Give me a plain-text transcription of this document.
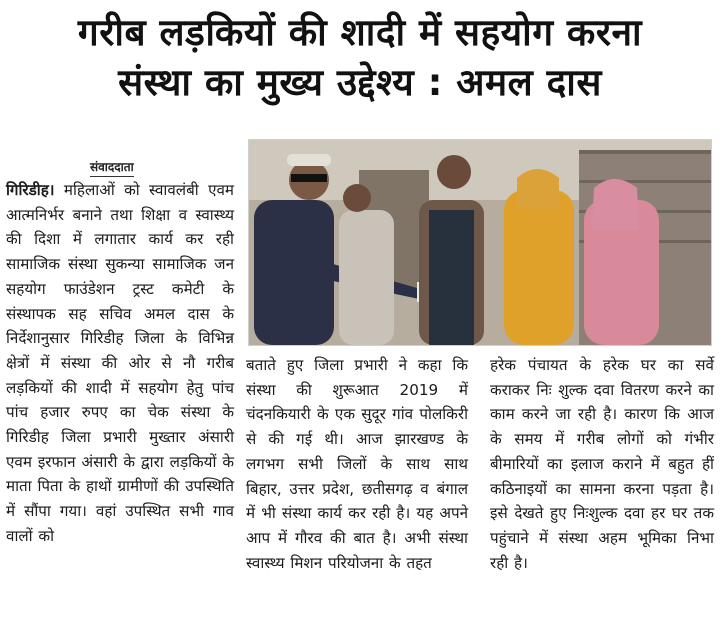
गरीब लड़कियों की शादी में सहयोग करना
संस्था का मुख्य उद्देश्य : अमल दास
संवाददाता
गिरिडीह। महिलाओं को स्वावलंबी एवम आत्मनिर्भर बनाने तथा शिक्षा व स्वास्थ्य की दिशा में लगातार कार्य कर रही सामाजिक संस्था सुकन्या सामाजिक जन सहयोग फाउंडेशन ट्रस्ट कमेटी के संस्थापक सह सचिव अमल दास के निर्देशानुसार गिरिडीह जिला के विभिन्न क्षेत्रों में संस्था की ओर से नौ गरीब लड़कियों की शादी में सहयोग हेतु पांच पांच हजार रुपए का चेक संस्था के गिरिडीह जिला प्रभारी मुख्तार अंसारी एवम इरफान अंसारी के द्वारा लड़कियों के माता पिता के हाथों ग्रामीणों की उपस्थिति में सौंपा गया। वहां उपस्थित सभी गाव वालों को
बताते हुए जिला प्रभारी ने कहा कि संस्था की शुरूआत 2019 में चंदनकियारी के एक सुदूर गांव पोलकिरी से की गई थी। आज झारखण्ड के लगभग सभी जिलों के साथ साथ बिहार, उत्तर प्रदेश, छतीसगढ़ व बंगाल में भी संस्था कार्य कर रही है। यह अपने आप में गौरव की बात है। अभी संस्था स्वास्थ्य मिशन परियोजना के तहत
हरेक पंचायत के हरेक घर का सर्वे कराकर निः शुल्क दवा वितरण करने का काम करने जा रही है। कारण कि आज के समय में गरीब लोगों को गंभीर बीमारियों का इलाज कराने में बहुत हीं कठिनाइयों का सामना करना पड़ता है। इसे देखते हुए निःशुल्क दवा हर घर तक पहुंचाने में संस्था अहम भूमिका निभा रही है।
